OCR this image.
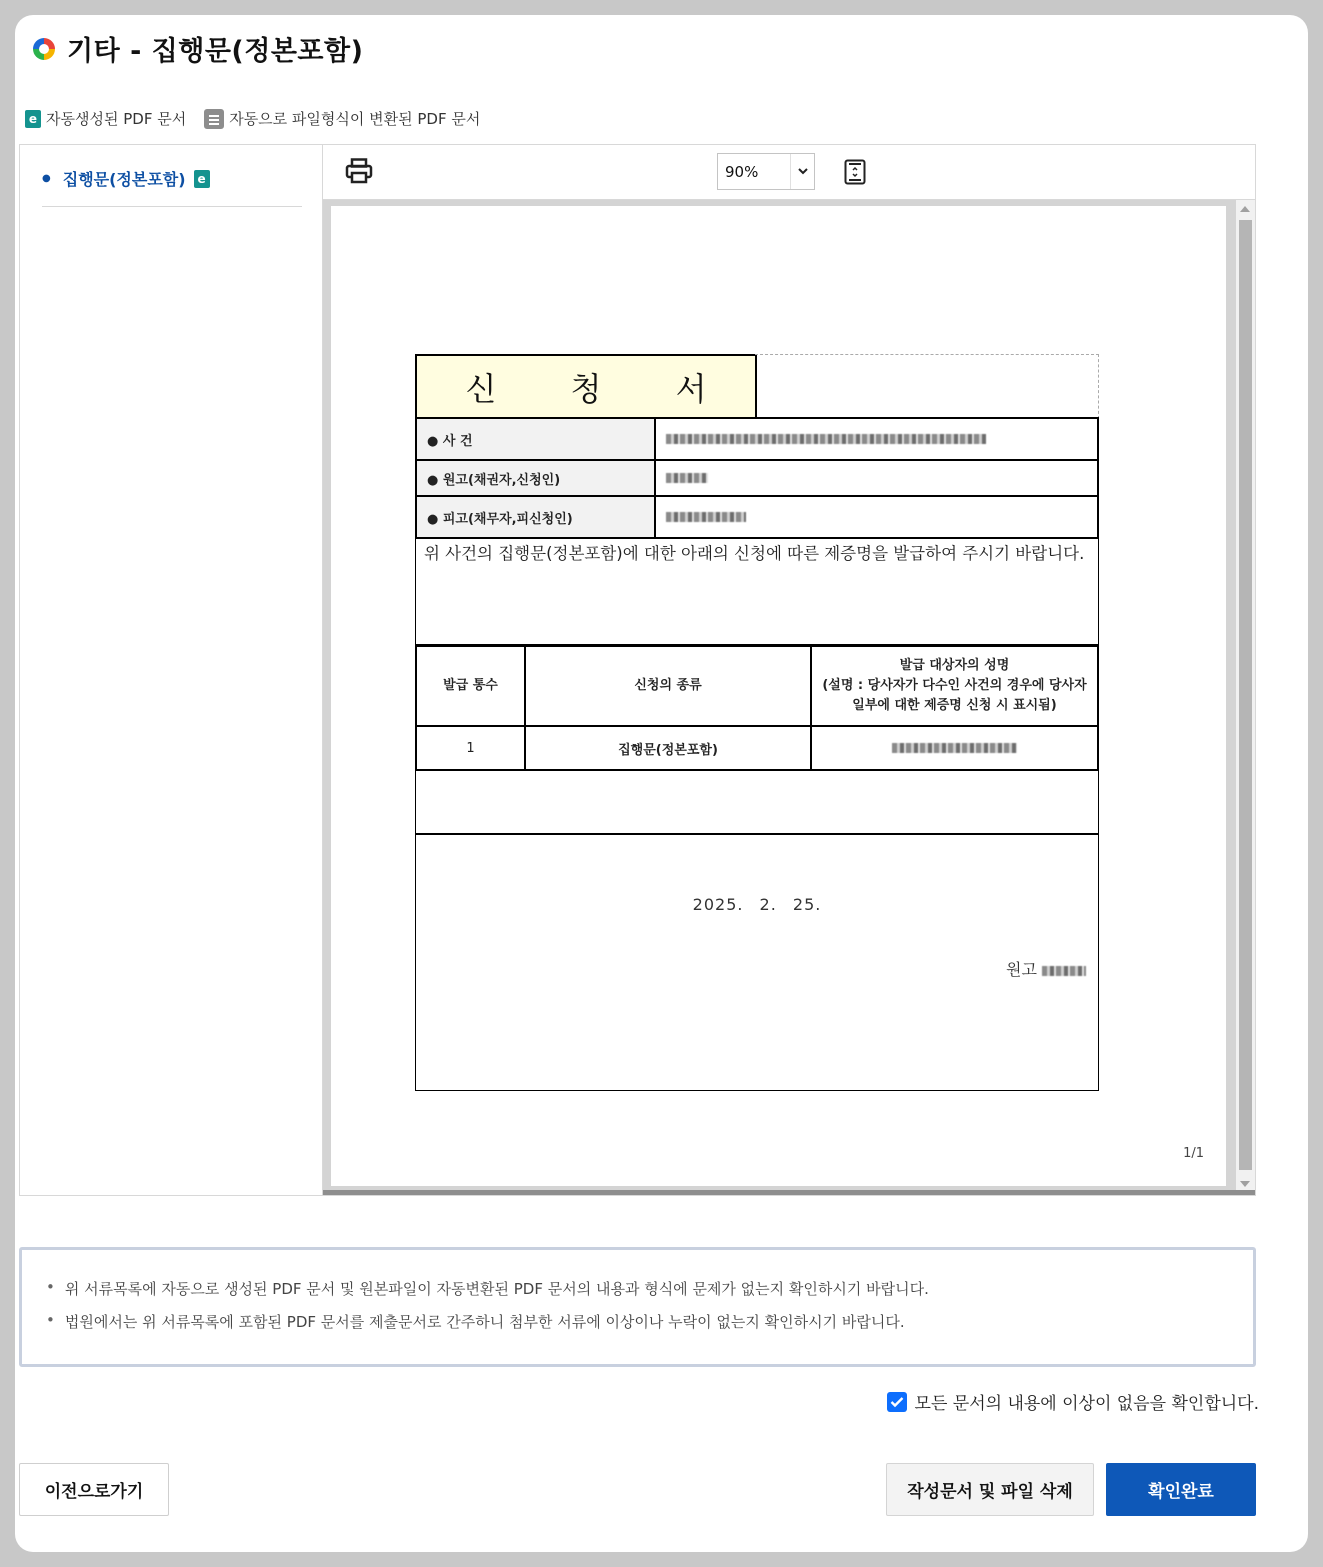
기타 - 집행문(정본포함)
e 자동생성된 PDF 문서	자동으로 파일형식이 변환된 PDF 문서
● 집행문(정본포함) e	90%
신 청 서
● 사 건	
● 원고(채권자,신청인)	
● 피고(채무자,피신청인)	
위 사건의 집행문(정본포함)에 대한 아래의 신청에 따른 제증명을 발급하여 주시기 바랍니다.
발급 통수	신청의 종류	발급 대상자의 성명
(설명 : 당사자가 다수인 사건의 경우에 당사자
일부에 대한 제증명 신청 시 표시됨)
1	집행문(정본포함)	
2025. 2. 25.
원고
1/1
• 위 서류목록에 자동으로 생성된 PDF 문서 및 원본파일이 자동변환된 PDF 문서의 내용과 형식에 문제가 없는지 확인하시기 바랍니다.
• 법원에서는 위 서류목록에 포함된 PDF 문서를 제출문서로 간주하니 첨부한 서류에 이상이나 누락이 없는지 확인하시기 바랍니다.
모든 문서의 내용에 이상이 없음을 확인합니다.
이전으로가기	작성문서 및 파일 삭제	확인완료
